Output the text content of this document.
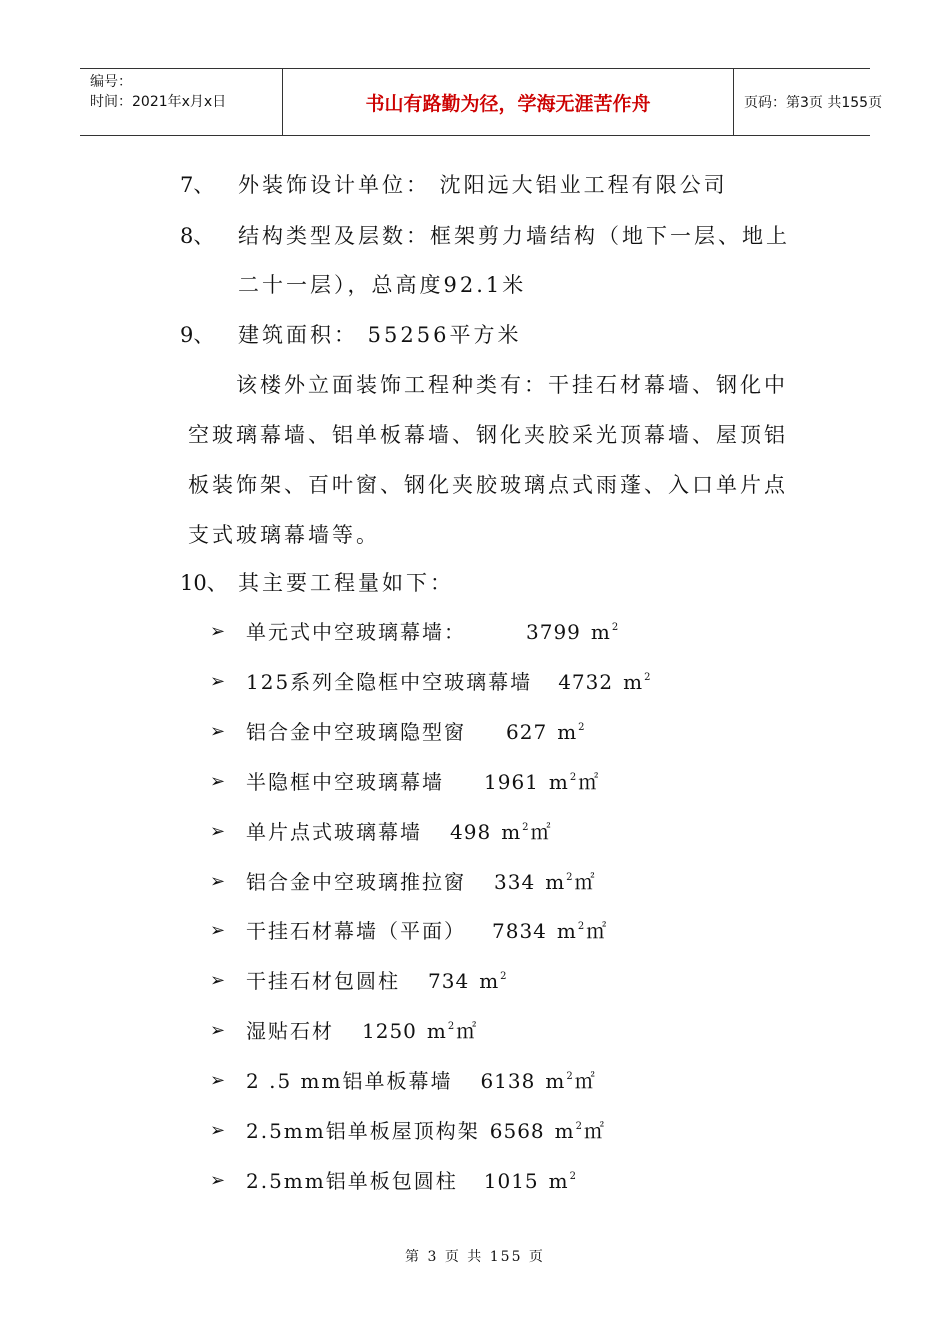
编号：
时间：2021年x月x日	书山有路勤为径，学海无涯苦作舟	页码：第3页 共155页
7、 外装饰设计单位： 沈阳远大铝业工程有限公司
8、 结构类型及层数：框架剪力墙结构（地下一层、地上
二十一层），总高度92.1米
9、 建筑面积： 55256平方米
该楼外立面装饰工程种类有：干挂石材幕墙、钢化中
空玻璃幕墙、铝单板幕墙、钢化夹胶采光顶幕墙、屋顶铝
板装饰架、百叶窗、钢化夹胶玻璃点式雨蓬、入口单片点
支式玻璃幕墙等。
10、 其主要工程量如下：
➢ 单元式中空玻璃幕墙：	3799 $m^2$
➢ 125系列全隐框中空玻璃幕墙 4732 $m^2$
➢ 铝合金中空玻璃隐型窗 627 $m^2$
➢ 半隐框中空玻璃幕墙 1961 $m^2㎡$
➢ 单片点式玻璃幕墙 498 $m^2㎡$
➢ 铝合金中空玻璃推拉窗 334 $m^2㎡$
➢ 干挂石材幕墙（平面） 7834 $m^2㎡$
➢ 干挂石材包圆柱 734 $m^2$
➢ 湿贴石材 1250 $m^2㎡$
➢ 2 .5 mm铝单板幕墙 6138 $m^2㎡$
➢ 2.5mm铝单板屋顶构架 6568 $m^2㎡$
➢ 2.5mm铝单板包圆柱 1015 $m^2$
第 3 页 共 155 页
